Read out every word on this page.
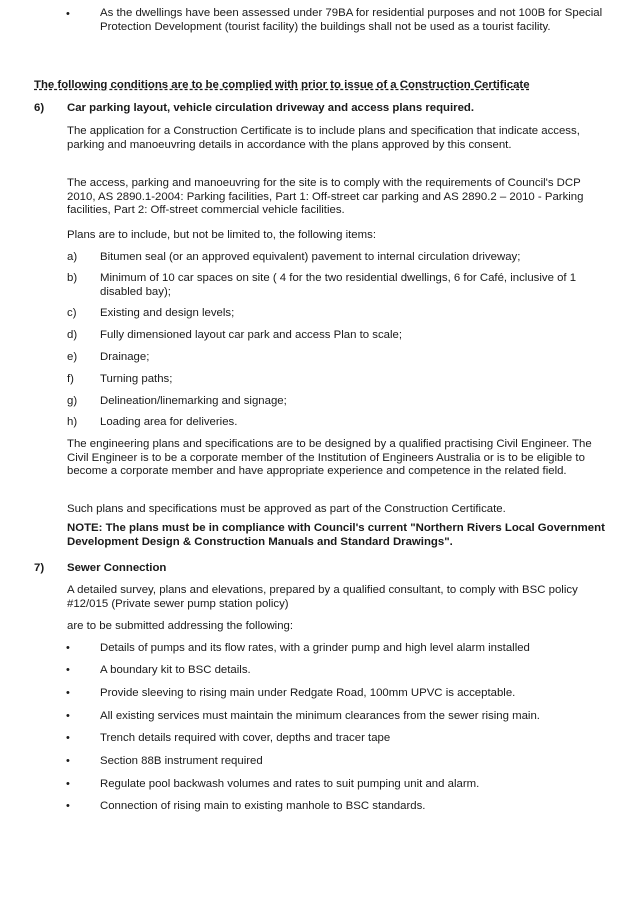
•	As the dwellings have been assessed under 79BA for residential purposes and not 100B for Special Protection Development (tourist facility) the buildings shall not be used as a tourist facility.
The following conditions are to be complied with prior to issue of a Construction Certificate
6) Car parking layout, vehicle circulation driveway and access plans required.
The application for a Construction Certificate is to include plans and specification that indicate access, parking and manoeuvring details in accordance with the plans approved by this consent.
The access, parking and manoeuvring for the site is to comply with the requirements of Council's DCP 2010, AS 2890.1-2004: Parking facilities, Part 1: Off-street car parking and AS 2890.2 – 2010 - Parking facilities, Part 2: Off-street commercial vehicle facilities.
Plans are to include, but not be limited to, the following items:
a) Bitumen seal (or an approved equivalent) pavement to internal circulation driveway;
b) Minimum of 10 car spaces on site ( 4 for the two residential dwellings, 6 for Café, inclusive of 1 disabled bay);
c) Existing and design levels;
d) Fully dimensioned layout car park and access Plan to scale;
e) Drainage;
f) Turning paths;
g) Delineation/linemarking and signage;
h) Loading area for deliveries.
The engineering plans and specifications are to be designed by a qualified practising Civil Engineer. The Civil Engineer is to be a corporate member of the Institution of Engineers Australia or is to be eligible to become a corporate member and have appropriate experience and competence in the related field.
Such plans and specifications must be approved as part of the Construction Certificate.
NOTE: The plans must be in compliance with Council's current "Northern Rivers Local Government Development Design & Construction Manuals and Standard Drawings".
7) Sewer Connection
A detailed survey, plans and elevations, prepared by a qualified consultant, to comply with BSC policy #12/015 (Private sewer pump station policy)
are to be submitted addressing the following:
•	Details of pumps and its flow rates, with a grinder pump and high level alarm installed
•	A boundary kit to BSC details.
•	Provide sleeving to rising main under Redgate Road, 100mm UPVC is acceptable.
•	All existing services must maintain the minimum clearances from the sewer rising main.
•	Trench details required with cover, depths and tracer tape
•	Section 88B instrument required
•	Regulate pool backwash volumes and rates to suit pumping unit and alarm.
•	Connection of rising main to existing manhole to BSC standards.
